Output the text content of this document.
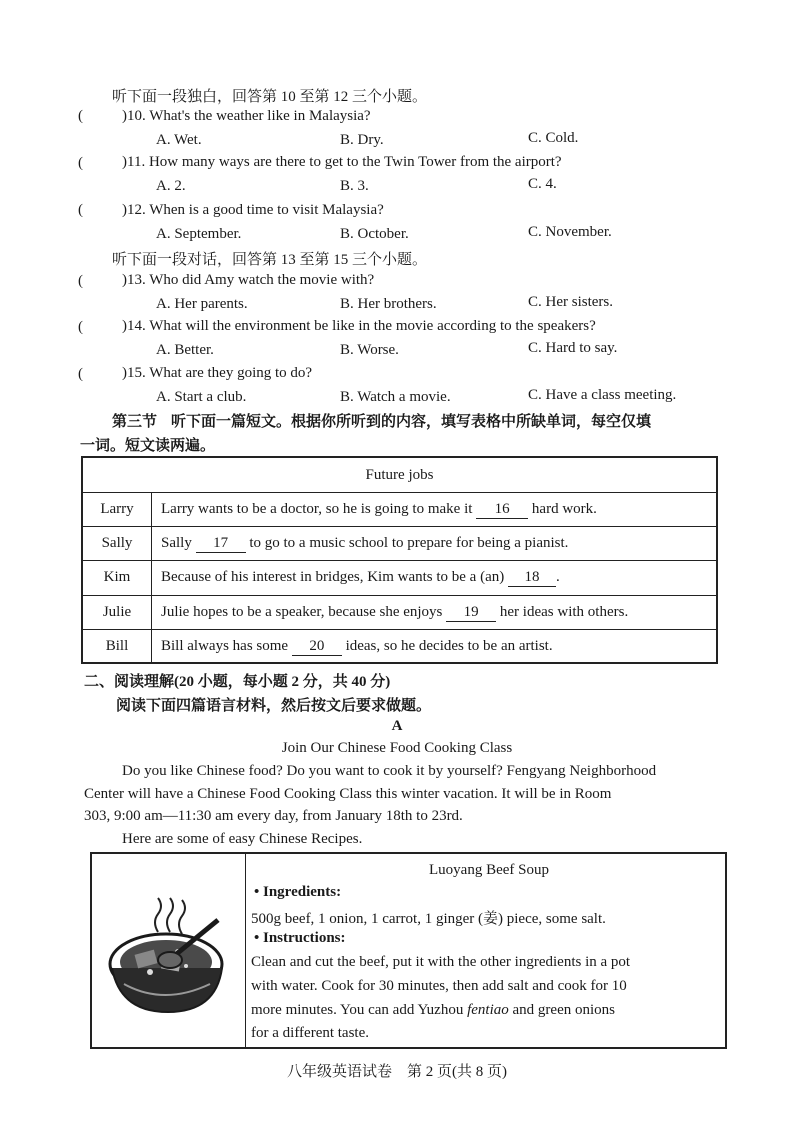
听下面一段独白，回答第 10 至第 12 三个小题。
(	)10. What's the weather like in Malaysia?
A. Wet.	B. Dry.	C. Cold.
(	)11. How many ways are there to get to the Twin Tower from the airport?
A. 2.	B. 3.	C. 4.
(	)12. When is a good time to visit Malaysia?
A. September.	B. October.	C. November.
听下面一段对话，回答第 13 至第 15 三个小题。
(	)13. Who did Amy watch the movie with?
A. Her parents.	B. Her brothers.	C. Her sisters.
(	)14. What will the environment be like in the movie according to the speakers?
A. Better.	B. Worse.	C. Hard to say.
(	)15. What are they going to do?
A. Start a club.	B. Watch a movie.	C. Have a class meeting.
第三节 听下面一篇短文。根据你所听到的内容，填写表格中所缺单词，每空仅填
一词。短文读两遍。
Future jobs
Larry	Larry wants to be a doctor, so he is going to make it 16 hard work.
Sally	Sally 17 to go to a music school to prepare for being a pianist.
Kim	Because of his interest in bridges, Kim wants to be a (an) 18 .
Julie	Julie hopes to be a speaker, because she enjoys 19 her ideas with others.
Bill	Bill always has some 20 ideas, so he decides to be an artist.
二、阅读理解(20 小题，每小题 2 分，共 40 分)
阅读下面四篇语言材料，然后按文后要求做题。
A
Join Our Chinese Food Cooking Class
Do you like Chinese food? Do you want to cook it by yourself? Fengyang Neighborhood
Center will have a Chinese Food Cooking Class this winter vacation. It will be in Room
303, 9:00 am—11:30 am every day, from January 18th to 23rd.
Here are some of easy Chinese Recipes.
Luoyang Beef Soup
• Ingredients:
500g beef, 1 onion, 1 carrot, 1 ginger (姜) piece, some salt.
• Instructions:
Clean and cut the beef, put it with the other ingredients in a pot
with water. Cook for 30 minutes, then add salt and cook for 10
more minutes. You can add Yuzhou fentiao and green onions
for a different taste.
八年级英语试卷　第 2 页(共 8 页)
